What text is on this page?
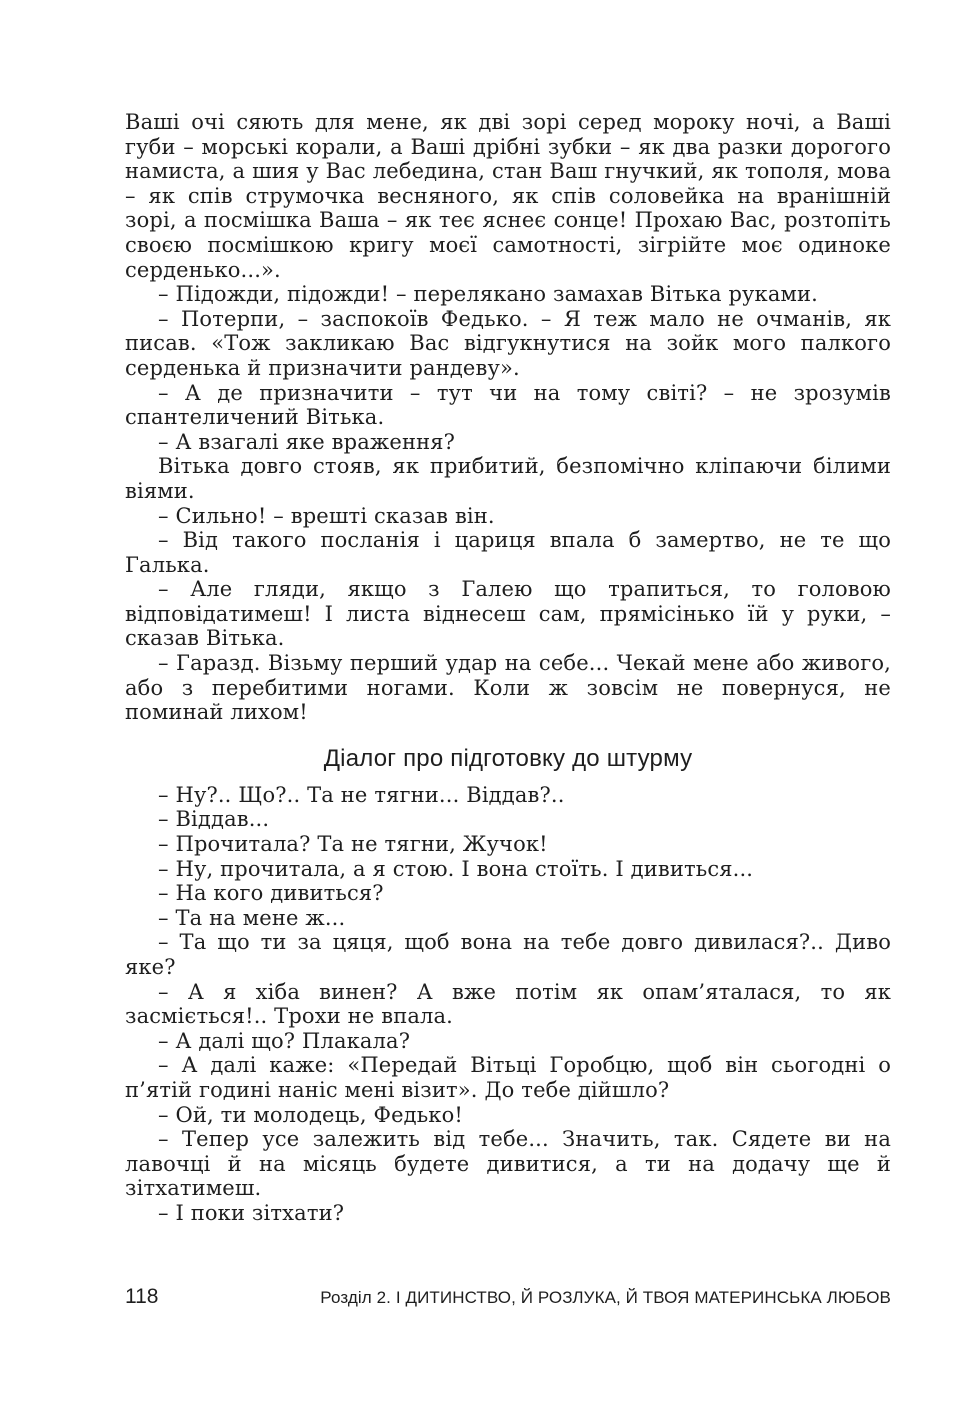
Ваші очі сяють для мене, як дві зорі серед мороку ночі, а Ваші губи – морські корали, а Ваші дрібні зубки – як два разки дорогого намиста, а шия у Вас лебедина, стан Ваш гнучкий, як тополя, мова – як спів струмочка весняного, як спів соловейка на вранішній зорі, а посмішка Ваша – як теє яснеє сонце! Прохаю Вас, розтопіть своєю посмішкою кригу моєї самотності, зігрійте моє одиноке серденько...».

– Підожди, підожди! – перелякано замахав Вітька руками.

– Потерпи, – заспокоїв Федько. – Я теж мало не очманів, як писав. «Тож закликаю Вас відгукнутися на зойк мого палкого серденька й призначити рандеву».

– А де призначити – тут чи на тому світі? – не зрозумів спантеличений Вітька.

– А взагалі яке враження?

Вітька довго стояв, як прибитий, безпомічно кліпаючи білими віями.

– Сильно! – врешті сказав він.

– Від такого посланія і цариця впала б замертво, не те що Галька.

– Але гляди, якщо з Галею що трапиться, то головою відповідатимеш! І листа віднесеш сам, прямісінько їй у руки, – сказав Вітька.

– Гаразд. Візьму перший удар на себе... Чекай мене або живого, або з перебитими ногами. Коли ж зовсім не повернуся, не поминай лихом!

Діалог про підготовку до штурму

– Ну?.. Що?.. Та не тягни... Віддав?..

– Віддав...

– Прочитала? Та не тягни, Жучок!

– Ну, прочитала, а я стою. І вона стоїть. І дивиться...

– На кого дивиться?

– Та на мене ж...

– Та що ти за цяця, щоб вона на тебе довго дивилася?.. Диво яке?

– А я хіба винен? А вже потім як опам’яталася, то як засміється!.. Трохи не впала.

– А далі що? Плакала?

– А далі каже: «Передай Вітьці Горобцю, щоб він сьогодні о п’ятій годині наніс мені візит». До тебе дійшло?

– Ой, ти молодець, Федько!

– Тепер усе залежить від тебе... Значить, так. Сядете ви на лавочці й на місяць будете дивитися, а ти на додачу ще й зітхатимеш.

– І поки зітхати?

118	Розділ 2. І ДИТИНСТВО, Й РОЗЛУКА, Й ТВОЯ МАТЕРИНСЬКА ЛЮБОВ
